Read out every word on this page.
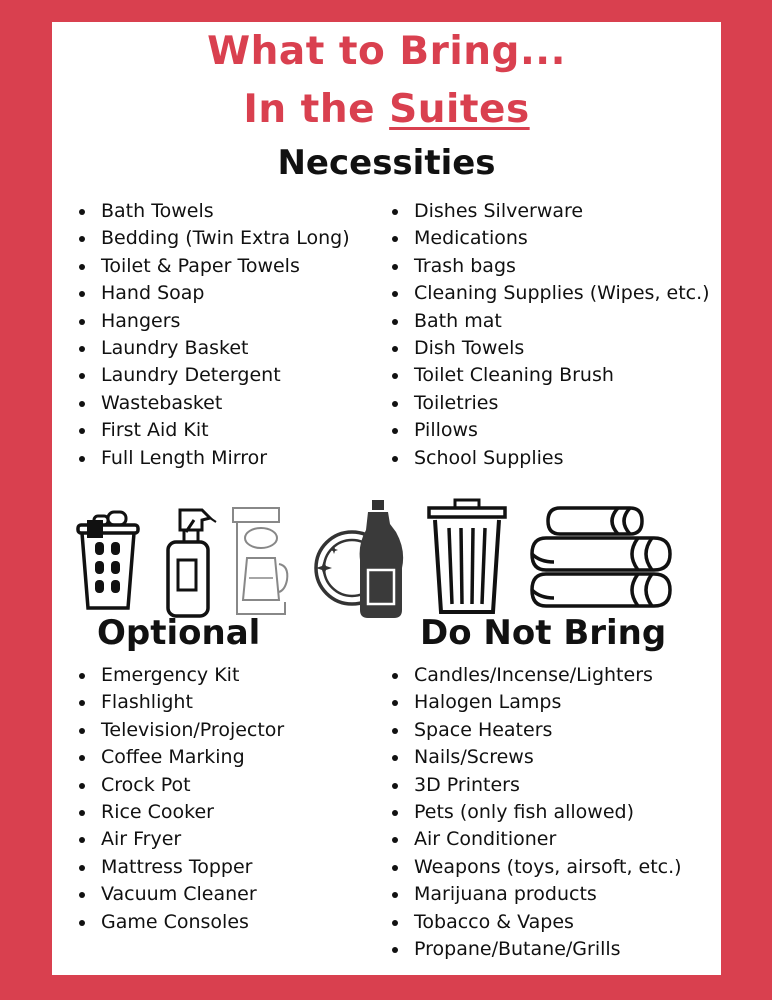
What to Bring...
In the Suites
Necessities
• Bath Towels
• Bedding (Twin Extra Long)
• Toilet & Paper Towels
• Hand Soap
• Hangers
• Laundry Basket
• Laundry Detergent
• Wastebasket
• First Aid Kit
• Full Length Mirror
• Dishes Silverware
• Medications
• Trash bags
• Cleaning Supplies (Wipes, etc.)
• Bath mat
• Dish Towels
• Toilet Cleaning Brush
• Toiletries
• Pillows
• School Supplies
Optional	Do Not Bring
• Emergency Kit
• Flashlight
• Television/Projector
• Coffee Marking
• Crock Pot
• Rice Cooker
• Air Fryer
• Mattress Topper
• Vacuum Cleaner
• Game Consoles
• Candles/Incense/Lighters
• Halogen Lamps
• Space Heaters
• Nails/Screws
• 3D Printers
• Pets (only fish allowed)
• Air Conditioner
• Weapons (toys, airsoft, etc.)
• Marijuana products
• Tobacco & Vapes
• Propane/Butane/Grills
